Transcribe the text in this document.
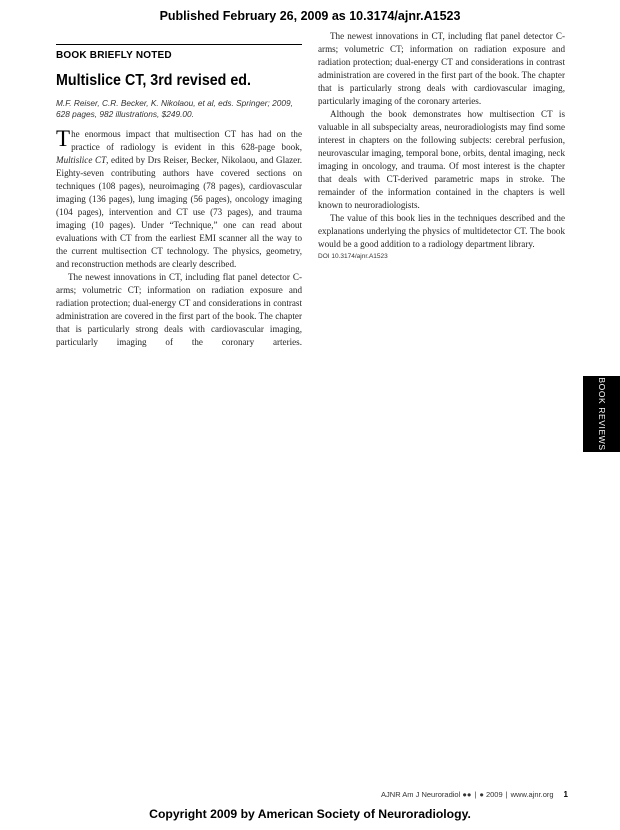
Published February 26, 2009 as 10.3174/ajnr.A1523
BOOK BRIEFLY NOTED
Multislice CT, 3rd revised ed.
M.F. Reiser, C.R. Becker, K. Nikolaou, et al, eds. Springer; 2009, 628 pages, 982 illustrations, $249.00.

The enormous impact that multisection CT has had on the practice of radiology is evident in this 628-page book, Multislice CT, edited by Drs Reiser, Becker, Nikolaou, and Glazer. Eighty-seven contributing authors have covered sections on techniques (108 pages), neuroimaging (78 pages), cardiovascular imaging (136 pages), lung imaging (56 pages), oncology imaging (104 pages), intervention and CT use (73 pages), and trauma imaging (10 pages). Under “Technique,” one can read about evaluations with CT from the earliest EMI scanner all the way to the current multisection CT technology. The physics, geometry, and reconstruction methods are clearly described.

The newest innovations in CT, including flat panel detector C-arms; volumetric CT; information on radiation exposure and radiation protection; dual-energy CT and considerations in contrast administration are covered in the first part of the book. The chapter that is particularly strong deals with cardiovascular imaging, particularly imaging of the coronary arteries.

The newest innovations in CT, including flat panel detector C-arms; volumetric CT; information on radiation exposure and radiation protection; dual-energy CT and considerations in contrast administration are covered in the first part of the book. The chapter that is particularly strong deals with cardiovascular imaging, particularly imaging of the coronary arteries.

Although the book demonstrates how multisection CT is valuable in all subspecialty areas, neuroradiologists may find some interest in chapters on the following subjects: cerebral perfusion, neurovascular imaging, temporal bone, orbits, dental imaging, neck imaging in oncology, and trauma. Of most interest is the chapter that deals with CT-derived parametric maps in stroke. The remainder of the information contained in the chapters is well known to neuroradiologists.

The value of this book lies in the techniques described and the explanations underlying the physics of multidetector CT. The book would be a good addition to a radiology department library.

DOI 10.3174/ajnr.A1523
BOOK REVIEWS
AJNR Am J Neuroradiol ●● | ● 2009 | www.ajnr.org 1
Copyright 2009 by American Society of Neuroradiology.
